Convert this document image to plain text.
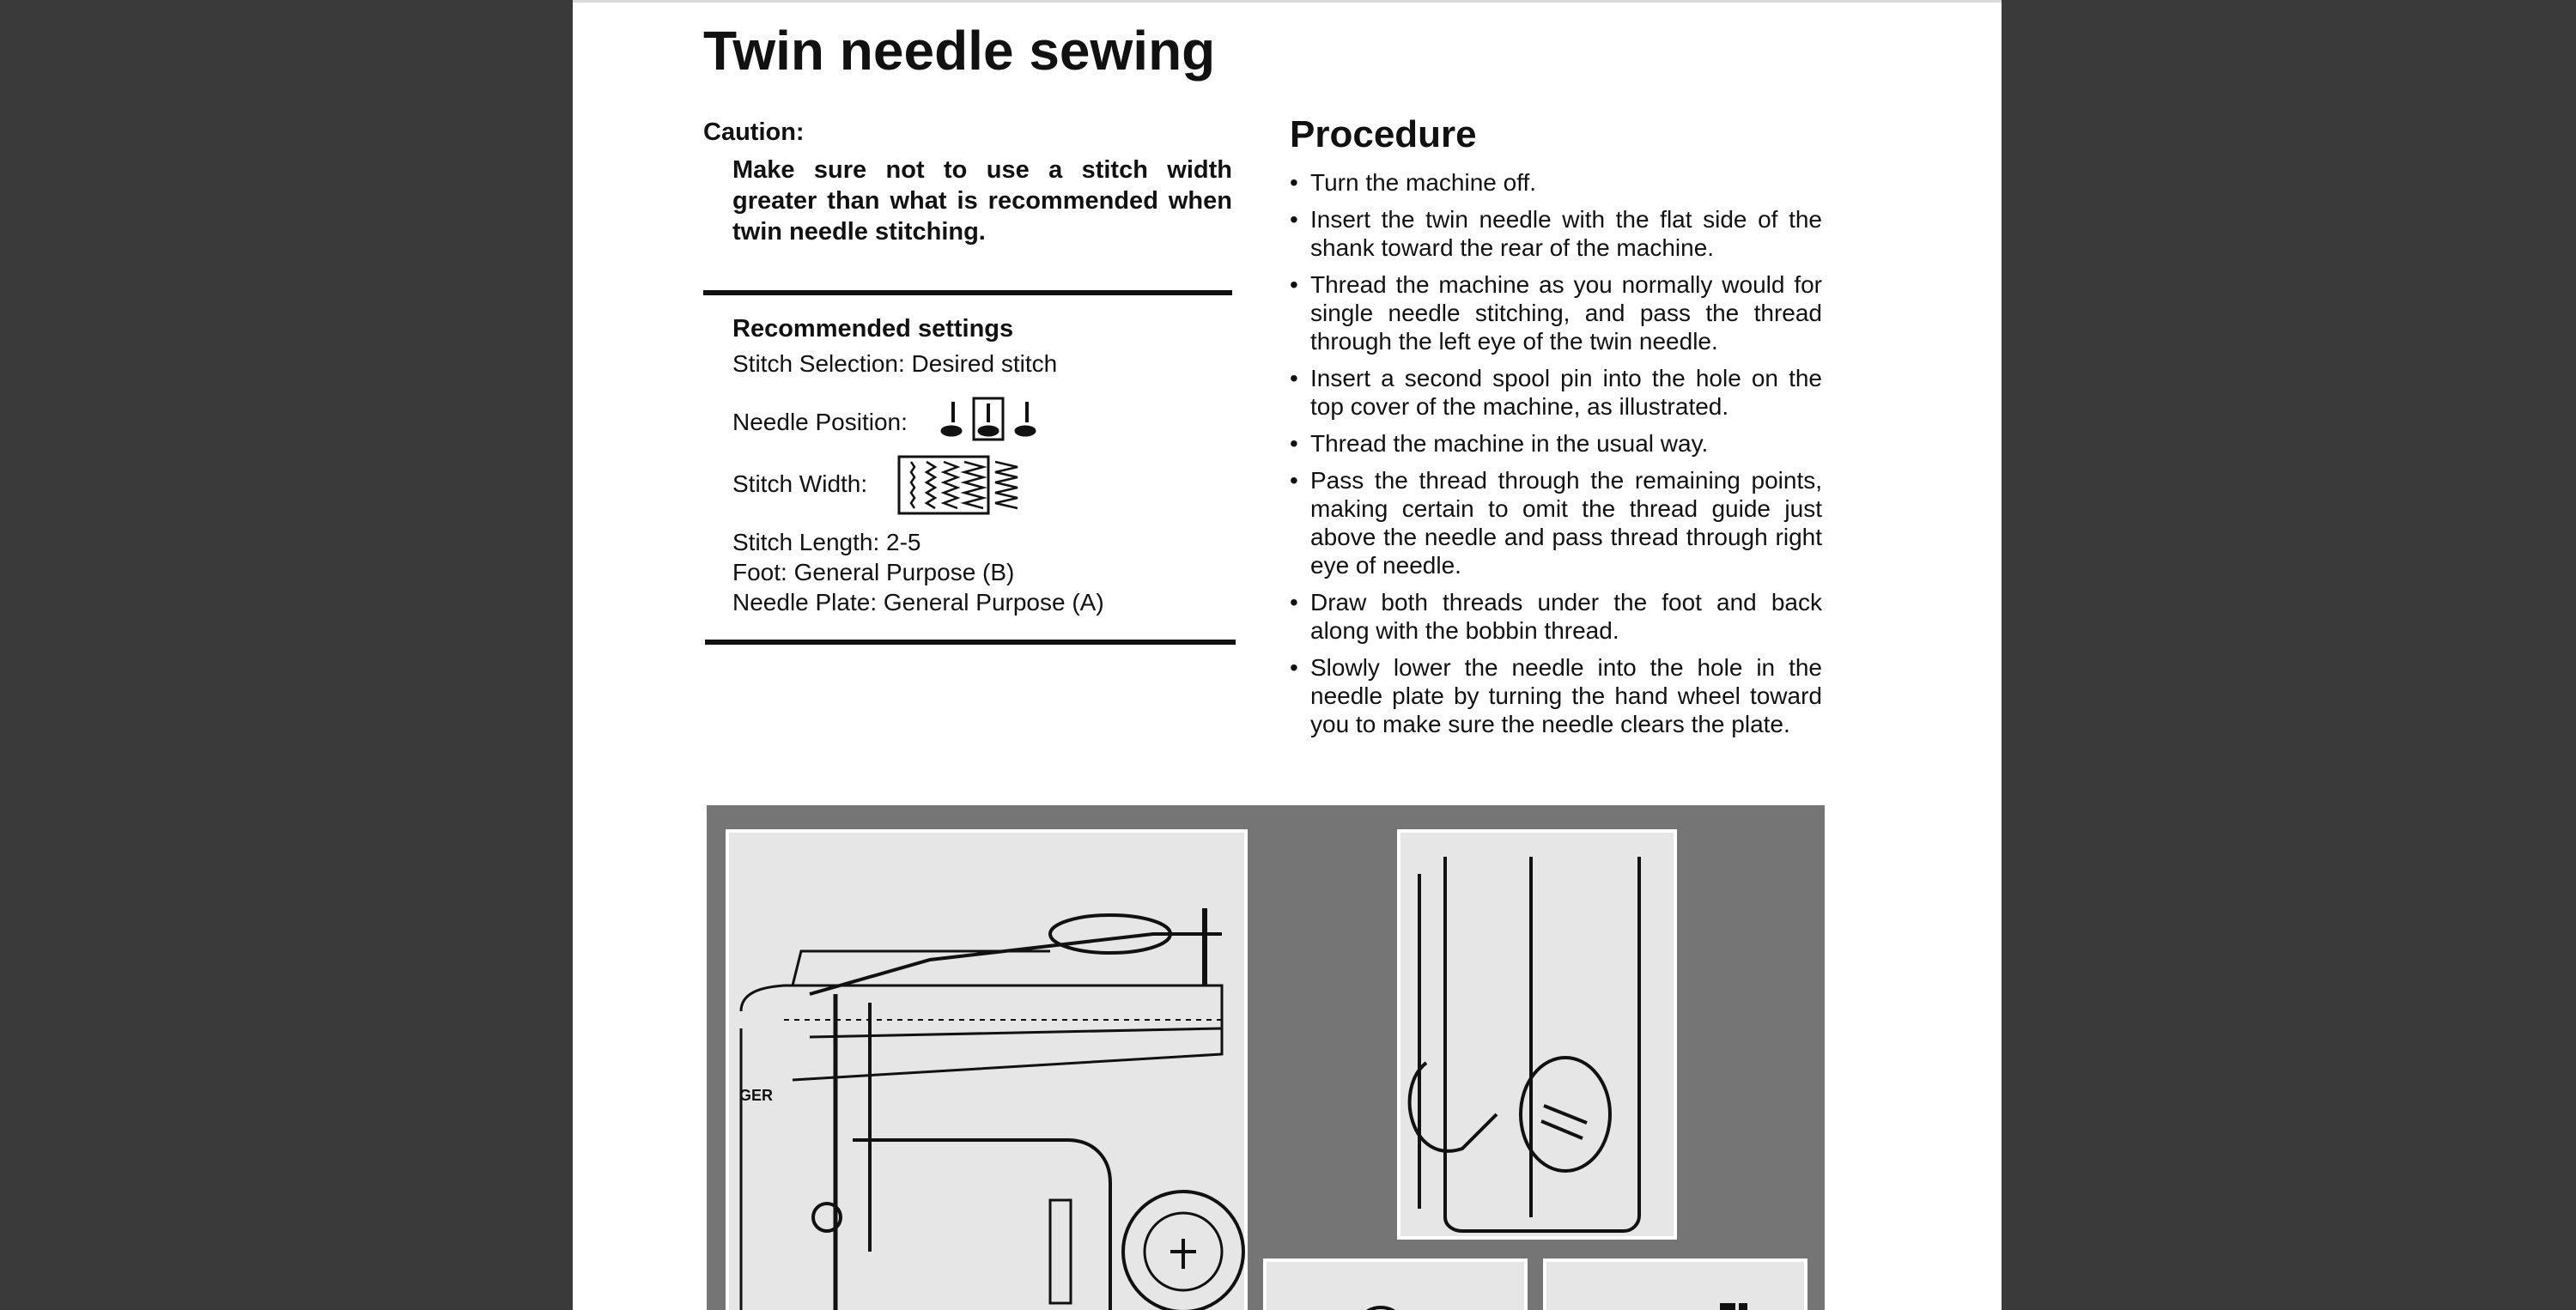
Twin needle sewing
Caution:
Make sure not to use a stitch width greater than what is recommended when twin needle stitching.
Recommended settings
Stitch Selection: Desired stitch
Needle Position:
Stitch Width:
Stitch Length: 2-5
Foot: General Purpose (B)
Needle Plate: General Purpose (A)
Procedure
• Turn the machine off.
• Insert the twin needle with the flat side of the shank toward the rear of the machine.
• Thread the machine as you normally would for single needle stitching, and pass the thread through the left eye of the twin needle.
• Insert a second spool pin into the hole on the top cover of the machine, as illustrated.
• Thread the machine in the usual way.
• Pass the thread through the remaining points, making certain to omit the thread guide just above the needle and pass thread through right eye of needle.
• Draw both threads under the foot and back along with the bobbin thread.
• Slowly lower the needle into the hole in the needle plate by turning the hand wheel toward you to make sure the needle clears the plate.
GER
